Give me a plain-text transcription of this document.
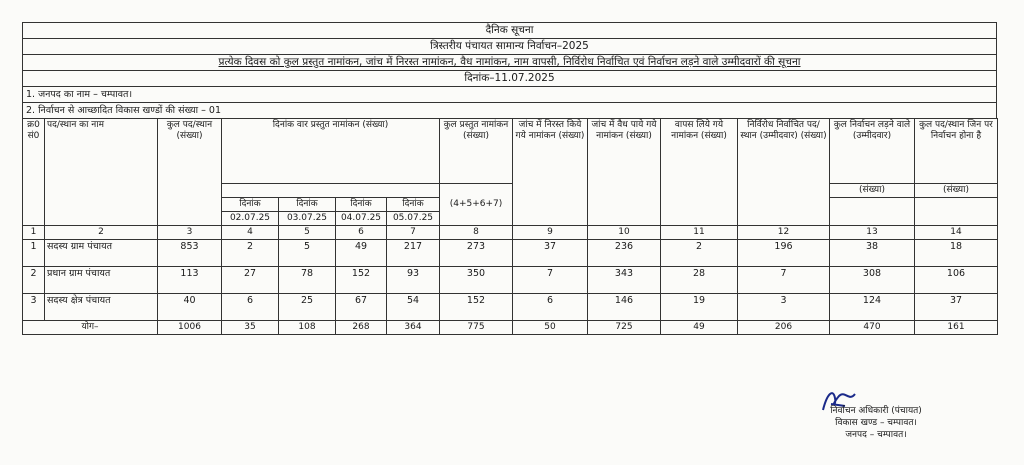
दैनिक सूचना
त्रिस्तरीय पंचायत सामान्य निर्वाचन–2025
प्रत्येक दिवस को कुल प्रस्तुत नामांकन, जांच में निरस्त नामांकन, वैध नामांकन, नाम वापसी, निर्विरोध निर्वाचित एवं निर्वाचन लड़ने वाले उम्मीदवारों की सूचना
दिनांक–11.07.2025
1. जनपद का नाम – चम्पावत।
2. निर्वाचन से आच्छादित विकास खण्डों की संख्या – 01
क्र0 सं0	पद/स्थान का नाम	कुल पद/स्थान (संख्या)	दिनांक वार प्रस्तुत नामांकन (संख्या)				कुल प्रस्तुत नामांकन (संख्या)	जांच में निरस्त किये गये नामांकन (संख्या)	जांच में वैध पाये गये नामांकन (संख्या)	वापस लिये गये नामांकन (संख्या)	निर्विरोध निर्वाचित पद/स्थान (उम्मीदवार) (संख्या)	कुल निर्वाचन लड़ने वाले (उम्मीदवार)	कुल पद/स्थान जिन पर निर्वाचन होना है
							(4+5+6+7)					(संख्या)	(संख्या)
			दिनांक	दिनांक	दिनांक	दिनांक							
			02.07.25	03.07.25	04.07.25	05.07.25							
1	2	3	4	5	6	7	8	9	10	11	12	13	14
1	सदस्य ग्राम पंचायत	853	2	5	49	217	273	37	236	2	196	38	18
2	प्रधान ग्राम पंचायत	113	27	78	152	93	350	7	343	28	7	308	106
3	सदस्य क्षेत्र पंचायत	40	6	25	67	54	152	6	146	19	3	124	37
योग–		1006	35	108	268	364	775	50	725	49	206	470	161
निर्वाचन अधिकारी (पंचायत)
विकास खण्ड – चम्पावत।
जनपद – चम्पावत।
